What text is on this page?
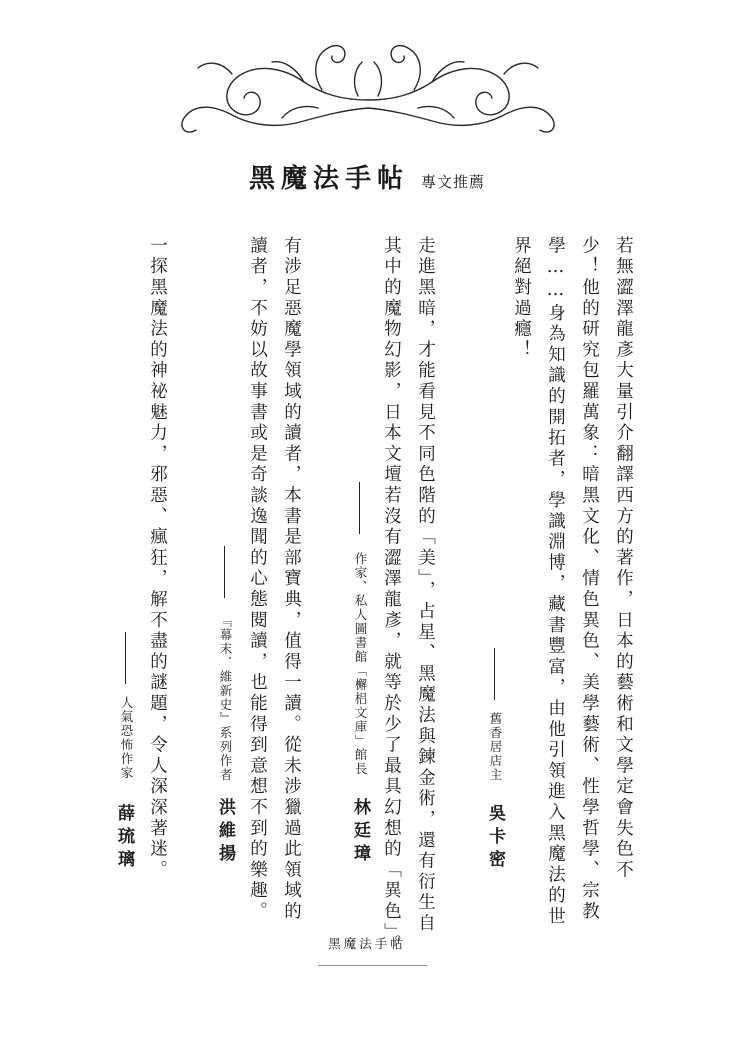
黑魔法手帖 專文推薦
若無澀澤龍彥大量引介翻譯西方的著作，日本的藝術和文學定會失色不
少！他的研究包羅萬象：暗黑文化、情色異色、美學藝術、性學哲學、宗教
學……身為知識的開拓者，學識淵博，藏書豐富，由他引領進入黑魔法的世
界絕對過癮！
舊香居店主
吳卡密
走進黑暗，才能看見不同色階的「美」，占星、黑魔法與鍊金術，還有衍生自
其中的魔物幻影，日本文壇若沒有澀澤龍彥，就等於少了最具幻想的「異色」。
作家、私人圖書館「檞梠文庫」館長
林廷璋
有涉足惡魔學領域的讀者，本書是部寶典，值得一讀。從未涉獵過此領域的
讀者，不妨以故事書或是奇談逸聞的心態閱讀，也能得到意想不到的樂趣。
『幕末．維新史』系列作者
洪維揚
一探黑魔法的神祕魅力，邪惡、瘋狂，解不盡的謎題，令人深深著迷。
人氣恐怖作家
薛琉璃
黑魔法手帖
